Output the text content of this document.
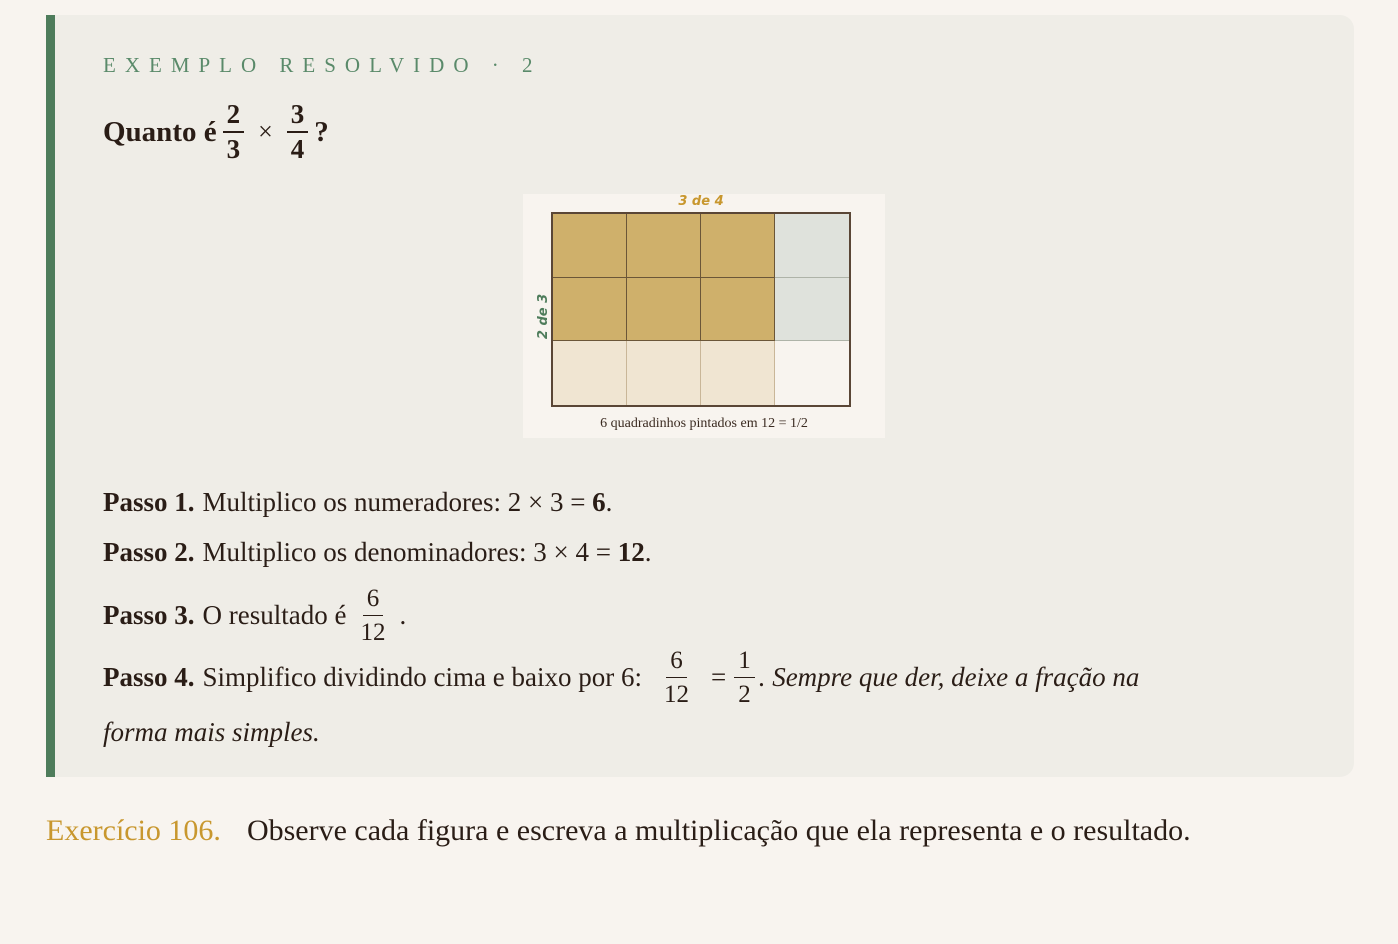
EXEMPLO RESOLVIDO · 2
Quanto é $\frac{2}{3} \times \frac{3}{4}$ ?
3 de 4
2 de 3
6 quadradinhos pintados em 12 = 1/2
Passo 1. Multiplico os numeradores: 2 × 3 = 6 .
Passo 2. Multiplico os denominadores: 3 × 4 = 12 .
Passo 3. O resultado é $\frac{6}{12}$ .
Passo 4. Simplifico dividindo cima e baixo por 6: $\frac{6}{12} = \frac{1}{2}$ . Sempre que der, deixe a fração na
forma mais simples.
Exercício 106. Observe cada figura e escreva a multiplicação que ela representa e o resultado.
